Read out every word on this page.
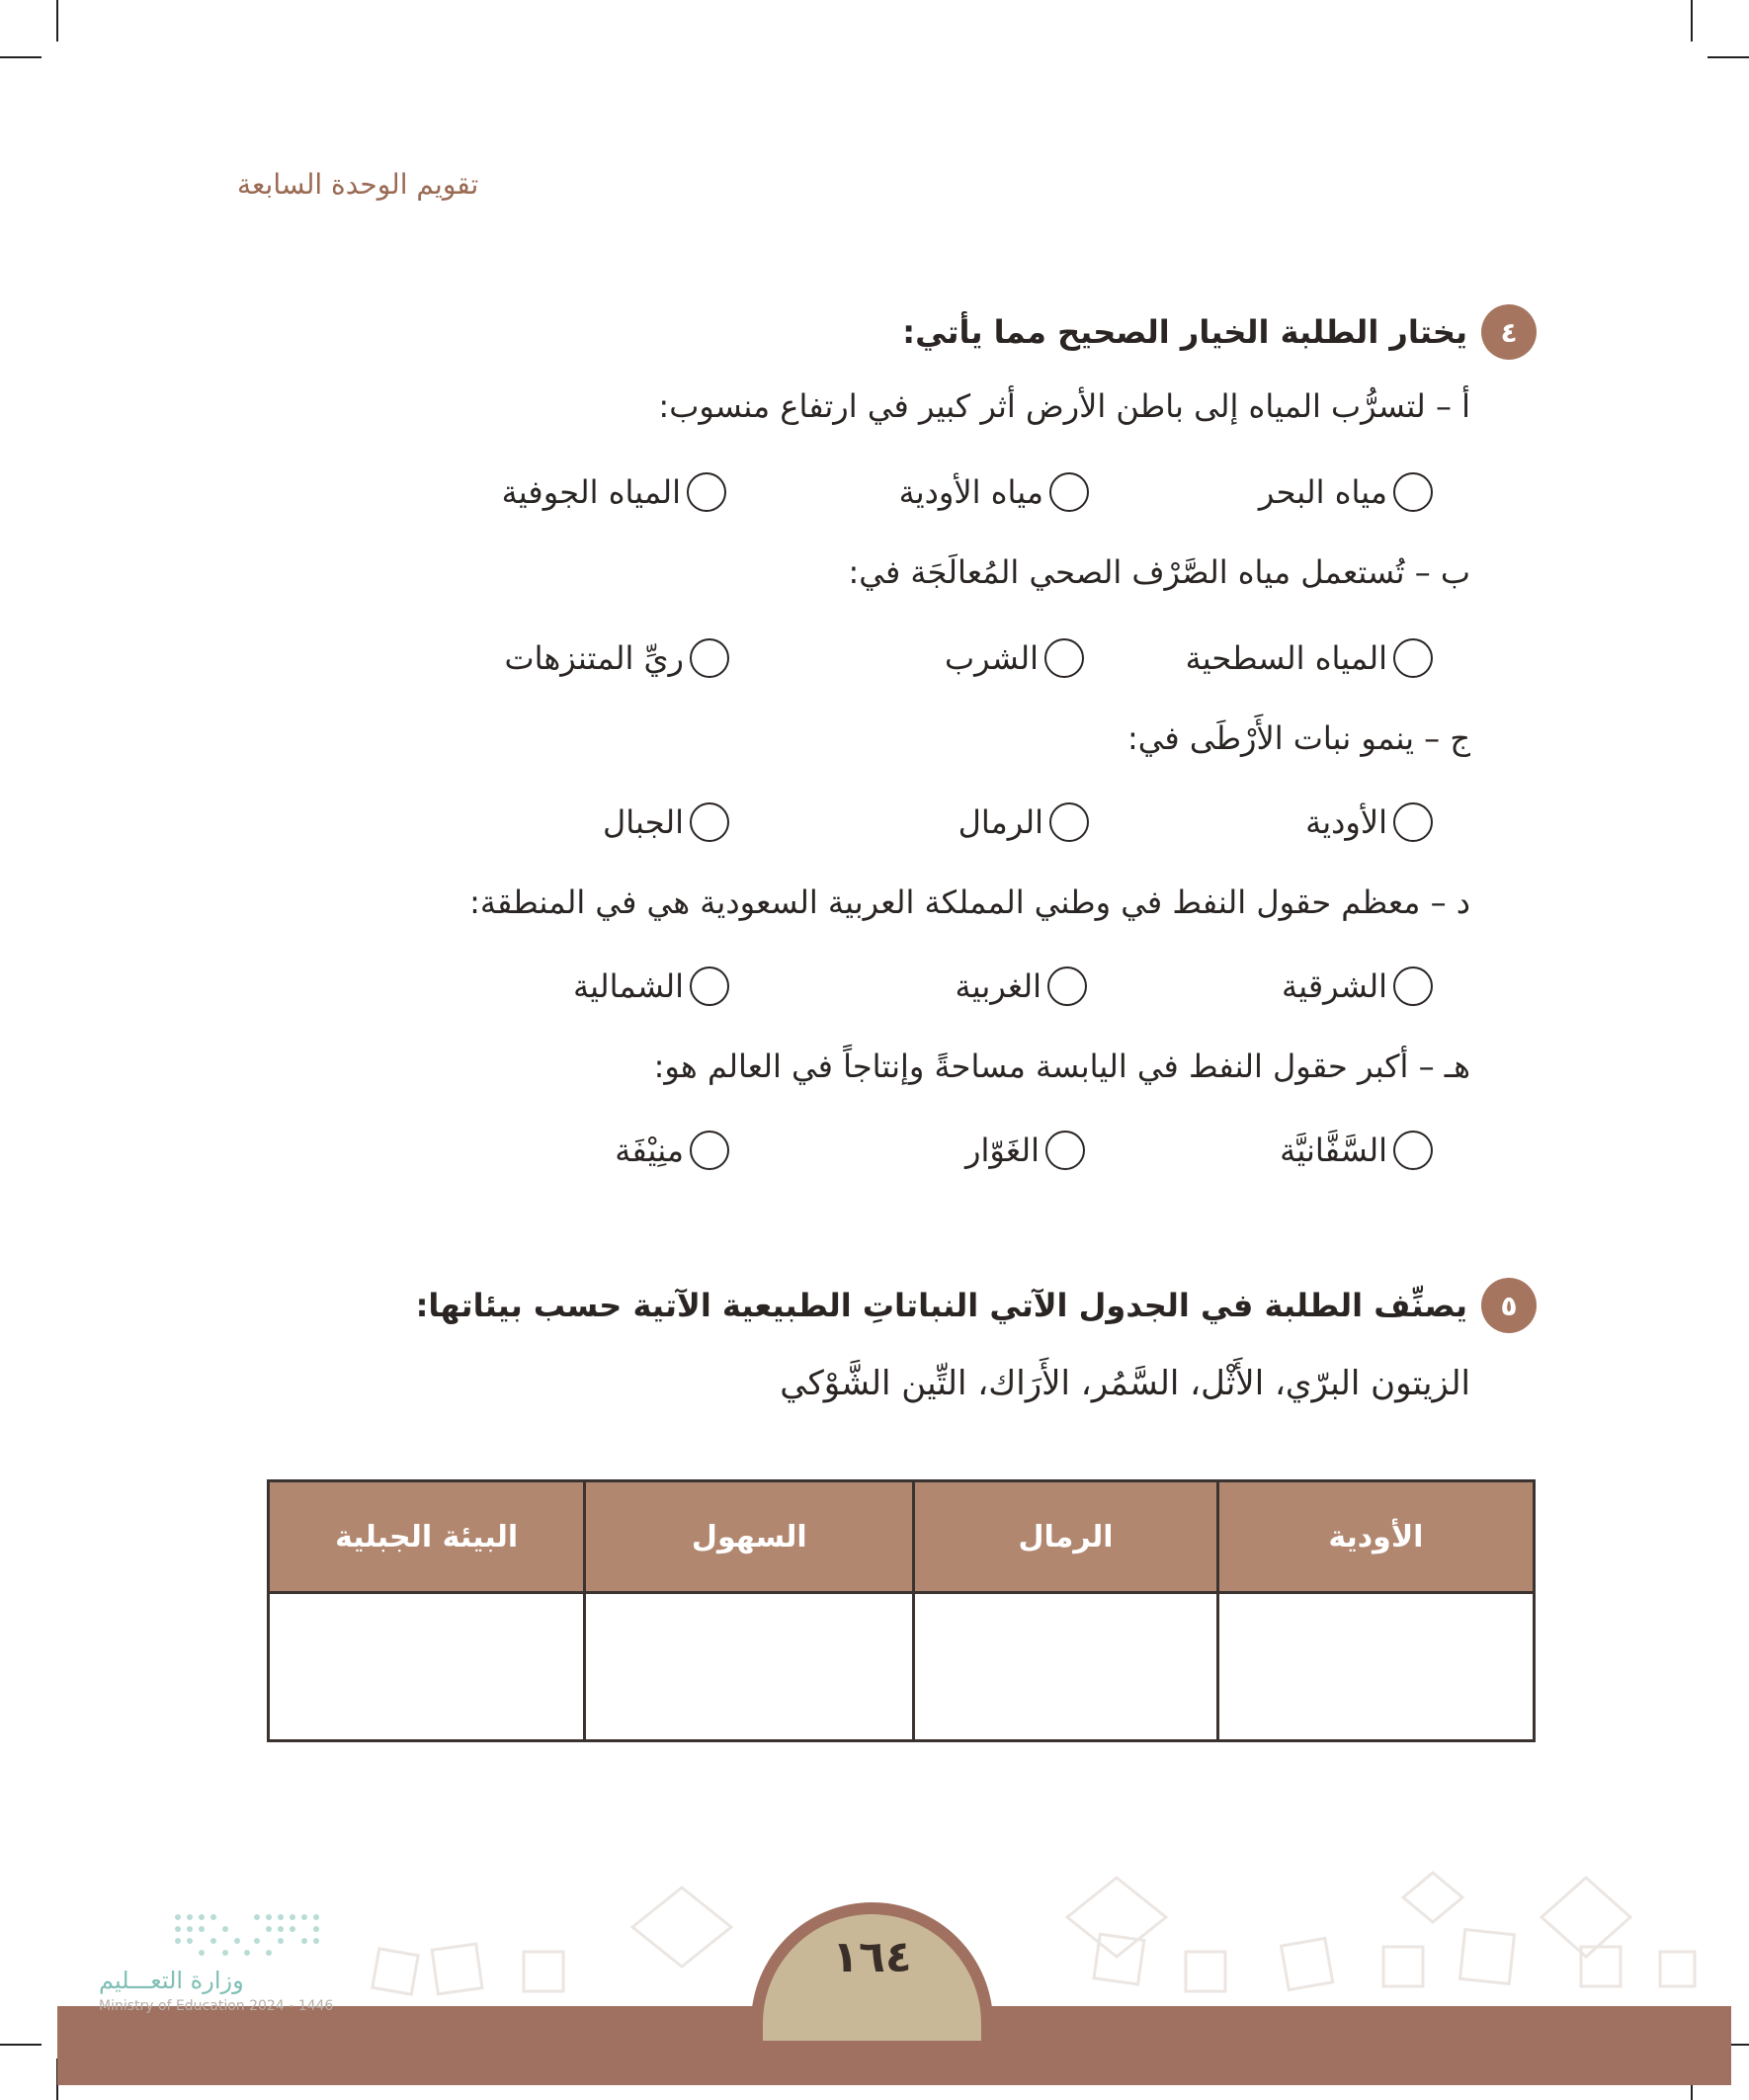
تقويم الوحدة السابعة
٤
يختار الطلبة الخيار الصحيح مما يأتي:
أ – لتسرُّب المياه إلى باطن الأرض أثر كبير في ارتفاع منسوب:
مياه البحر
مياه الأودية
المياه الجوفية
ب – تُستعمل مياه الصَّرْف الصحي المُعالَجَة في:
المياه السطحية
الشرب
ريِّ المتنزهات
ج – ينمو نبات الأَرْطَى في:
الأودية
الرمال
الجبال
د – معظم حقول النفط في وطني المملكة العربية السعودية هي في المنطقة:
الشرقية
الغربية
الشمالية
هـ – أكبر حقول النفط في اليابسة مساحةً وإنتاجاً في العالم هو:
السَّفَّانيَّة
الغَوّار
منِيْفَة
٥
يصنِّف الطلبة في الجدول الآتي النباتاتِ الطبيعية الآتية حسب بيئاتها:
الزيتون البرّي، الأَثْل، السَّمُر، الأَرَاك، التِّين الشَّوْكي
الأودية	الرمال	السهول	البيئة الجبلية

١٦٤
وزارة التعـــليم
Ministry of Education 2024 - 1446
